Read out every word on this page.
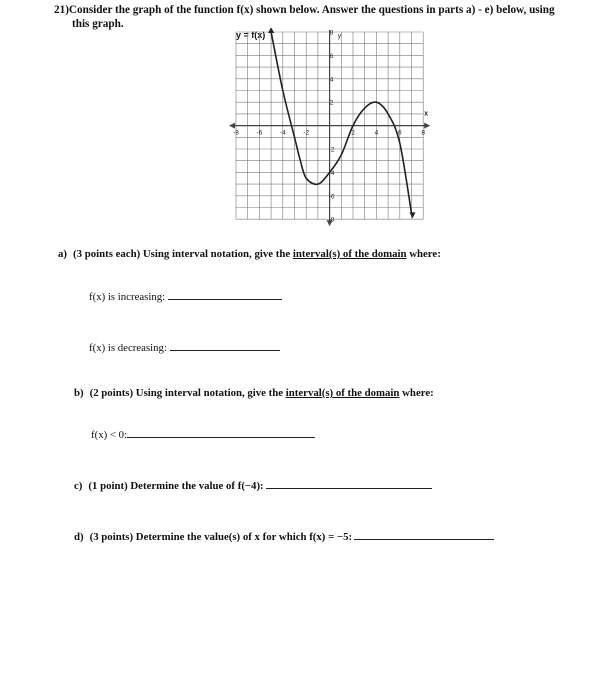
21)Consider the graph of the function f(x) shown below. Answer the questions in parts a) - e) below, using
this graph.
y = f(x)
x
y
-8	-6	-4	-2	2	4	6	8
8
6
4
2
-2
-4
-6
-8
a) (3 points each) Using interval notation, give the interval(s) of the domain where:
f(x) is increasing:
f(x) is decreasing:
b) (2 points) Using interval notation, give the interval(s) of the domain where:
f(x) < 0:
c) (1 point) Determine the value of f(−4):
d) (3 points) Determine the value(s) of x for which f(x) = −5:
